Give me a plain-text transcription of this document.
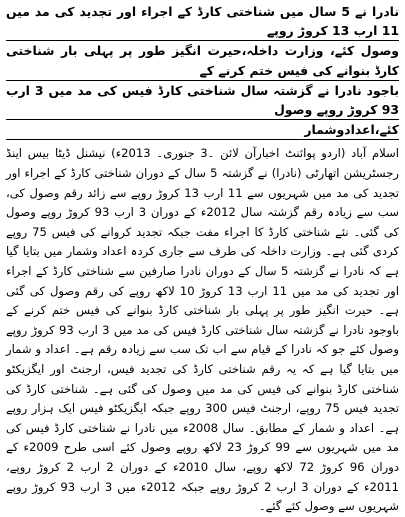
نادرا نے 5 سال میں شناختی کارڈ کے اجراء اور تجدید کی مد میں 11 ارب 13 کروڑ روپے
وصول کئے، وزارت داخلہ،حیرت انگیز طور پر پہلی بار شناختی کارڈ بنوانے کی فیس ختم کرنے کے
باجود نادرا نے گزشتہ سال شناختی کارڈ فیس کی مد میں 3 ارب 93 کروڑ روپے وصول
کئے،اعدادوشمار

اسلام آباد (اردو پوائنٹ اخبارآن لائن ۔3 جنوری۔ 2013ء) نیشنل ڈیٹا بیس اینڈ رجسٹریشن اتھارٹی (نادرا) نے گزشتہ 5 سال کے دوران شناختی کارڈ کے اجراء اور تجدید کی مد میں شہریوں سے 11 ارب 13 کروڑ روپے سے زائد رقم وصول کی، سب سے زیادہ رقم گزشتہ سال 2012ء کے دوران 3 ارب 93 کروڑ روپے وصول کی گئی۔ نئے شناختی کارڈ کا اجراء مفت جبکہ تجدید کروانے کی فیس 75 روپے کردی گئی ہے۔ وزارت داخلہ کی طرف سے جاری کردہ اعداد وشمار میں بتایا گیا ہے کہ نادرا نے گزشتہ 5 سال کے دوران نادرا صارفین سے شناختی کارڈ کے اجراء اور تجدید کی مد میں 11 ارب 13 کروڑ 10 لاکھ روپے کی رقم وصول کی گئی ہے۔ حیرت انگیز طور پر پہلی بار شناختی کارڈ بنوانے کی فیس ختم کرنے کے باوجود نادرا نے گزشتہ سال شناختی کارڈ فیس کی مد میں 3 ارب 93 کروڑ روپے وصول کئے جو کہ نادرا کے قیام سے اب تک سب سے زیادہ رقم ہے۔ اعداد و شمار میں بتایا گیا ہے کہ یہ رقم شناختی کارڈ کی تجدید فیس، ارجنٹ اور ایگزیکٹو شناختی کارڈ بنوانے کی فیس کی مد میں وصول کی گئی ہے۔ شناختی کارڈ کی تجدید فیس 75 روپے، ارجنٹ فیس 300 روپے جبکہ ایگزیکٹو فیس ایک ہزار روپے ہے۔ اعداد و شمار کے مطابق۔ سال 2008ء میں نادرا نے شناختی کارڈ فیس کی مد میں شہریوں سے 99 کروڑ 23 لاکھ روپے وصول کئے اسی طرح 2009ء کے دوران 96 کروڑ 72 لاکھ روپے، سال 2010ء کے دوران 2 ارب 2 کروڑ روپے، 2011ء کے دوران 3 ارب 2 کروڑ روپے جبکہ 2012ء میں 3 ارب 93 کروڑ روپے شہریوں سے وصول کئے گئے۔
